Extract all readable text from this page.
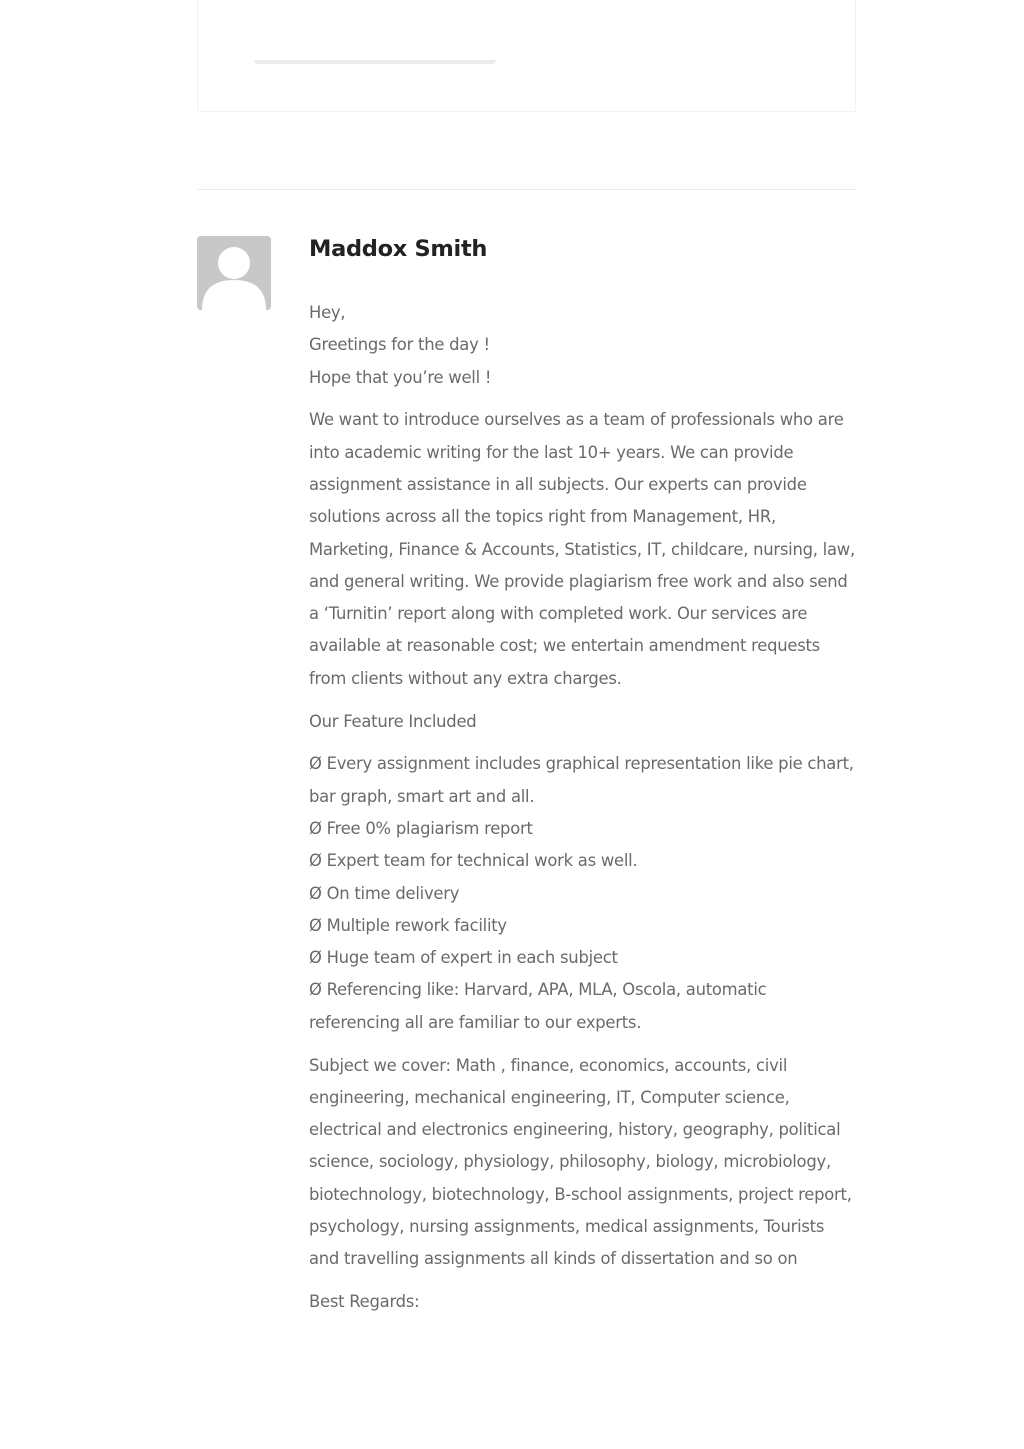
Maddox Smith

Hey,
Greetings for the day !
Hope that you’re well !

We want to introduce ourselves as a team of professionals who are into academic writing for the last 10+ years. We can provide assignment assistance in all subjects. Our experts can provide solutions across all the topics right from Management, HR, Marketing, Finance & Accounts, Statistics, IT, childcare, nursing, law, and general writing. We provide plagiarism free work and also send a ‘Turnitin’ report along with completed work. Our services are available at reasonable cost; we entertain amendment requests from clients without any extra charges.

Our Feature Included

Ø Every assignment includes graphical representation like pie chart, bar graph, smart art and all.
Ø Free 0% plagiarism report
Ø Expert team for technical work as well.
Ø On time delivery
Ø Multiple rework facility
Ø Huge team of expert in each subject
Ø Referencing like: Harvard, APA, MLA, Oscola, automatic referencing all are familiar to our experts.

Subject we cover: Math , finance, economics, accounts, civil engineering, mechanical engineering, IT, Computer science, electrical and electronics engineering, history, geography, political science, sociology, physiology, philosophy, biology, microbiology, biotechnology, biotechnology, B-school assignments, project report, psychology, nursing assignments, medical assignments, Tourists and travelling assignments all kinds of dissertation and so on

Best Regards:
